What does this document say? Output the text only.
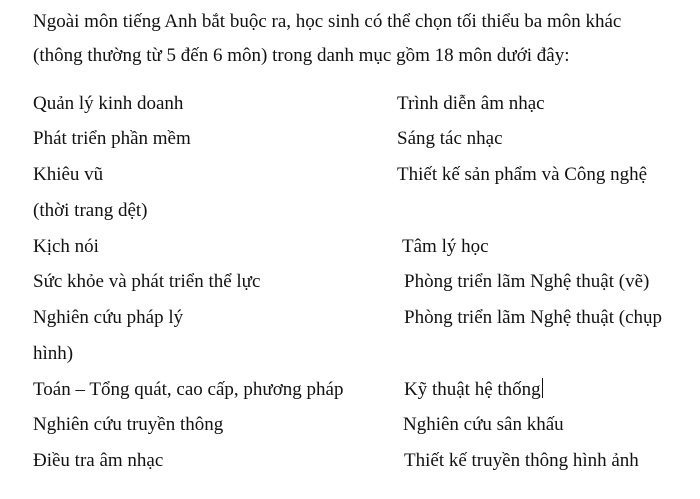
Ngoài môn tiếng Anh bắt buộc ra, học sinh có thể chọn tối thiểu ba môn khác
(thông thường từ 5 đến 6 môn) trong danh mục gồm 18 môn dưới đây:
Quản lý kinh doanh	Trình diễn âm nhạc
Phát triển phần mềm	Sáng tác nhạc
Khiêu vũ	Thiết kế sản phẩm và Công nghệ
(thời trang dệt)
Kịch nói	Tâm lý học
Sức khỏe và phát triển thể lực	Phòng triển lãm Nghệ thuật (vẽ)
Nghiên cứu pháp lý	Phòng triển lãm Nghệ thuật (chụp
hình)
Toán – Tổng quát, cao cấp, phương pháp	Kỹ thuật hệ thống
Nghiên cứu truyền thông	Nghiên cứu sân khấu
Điều tra âm nhạc	Thiết kế truyền thông hình ảnh
